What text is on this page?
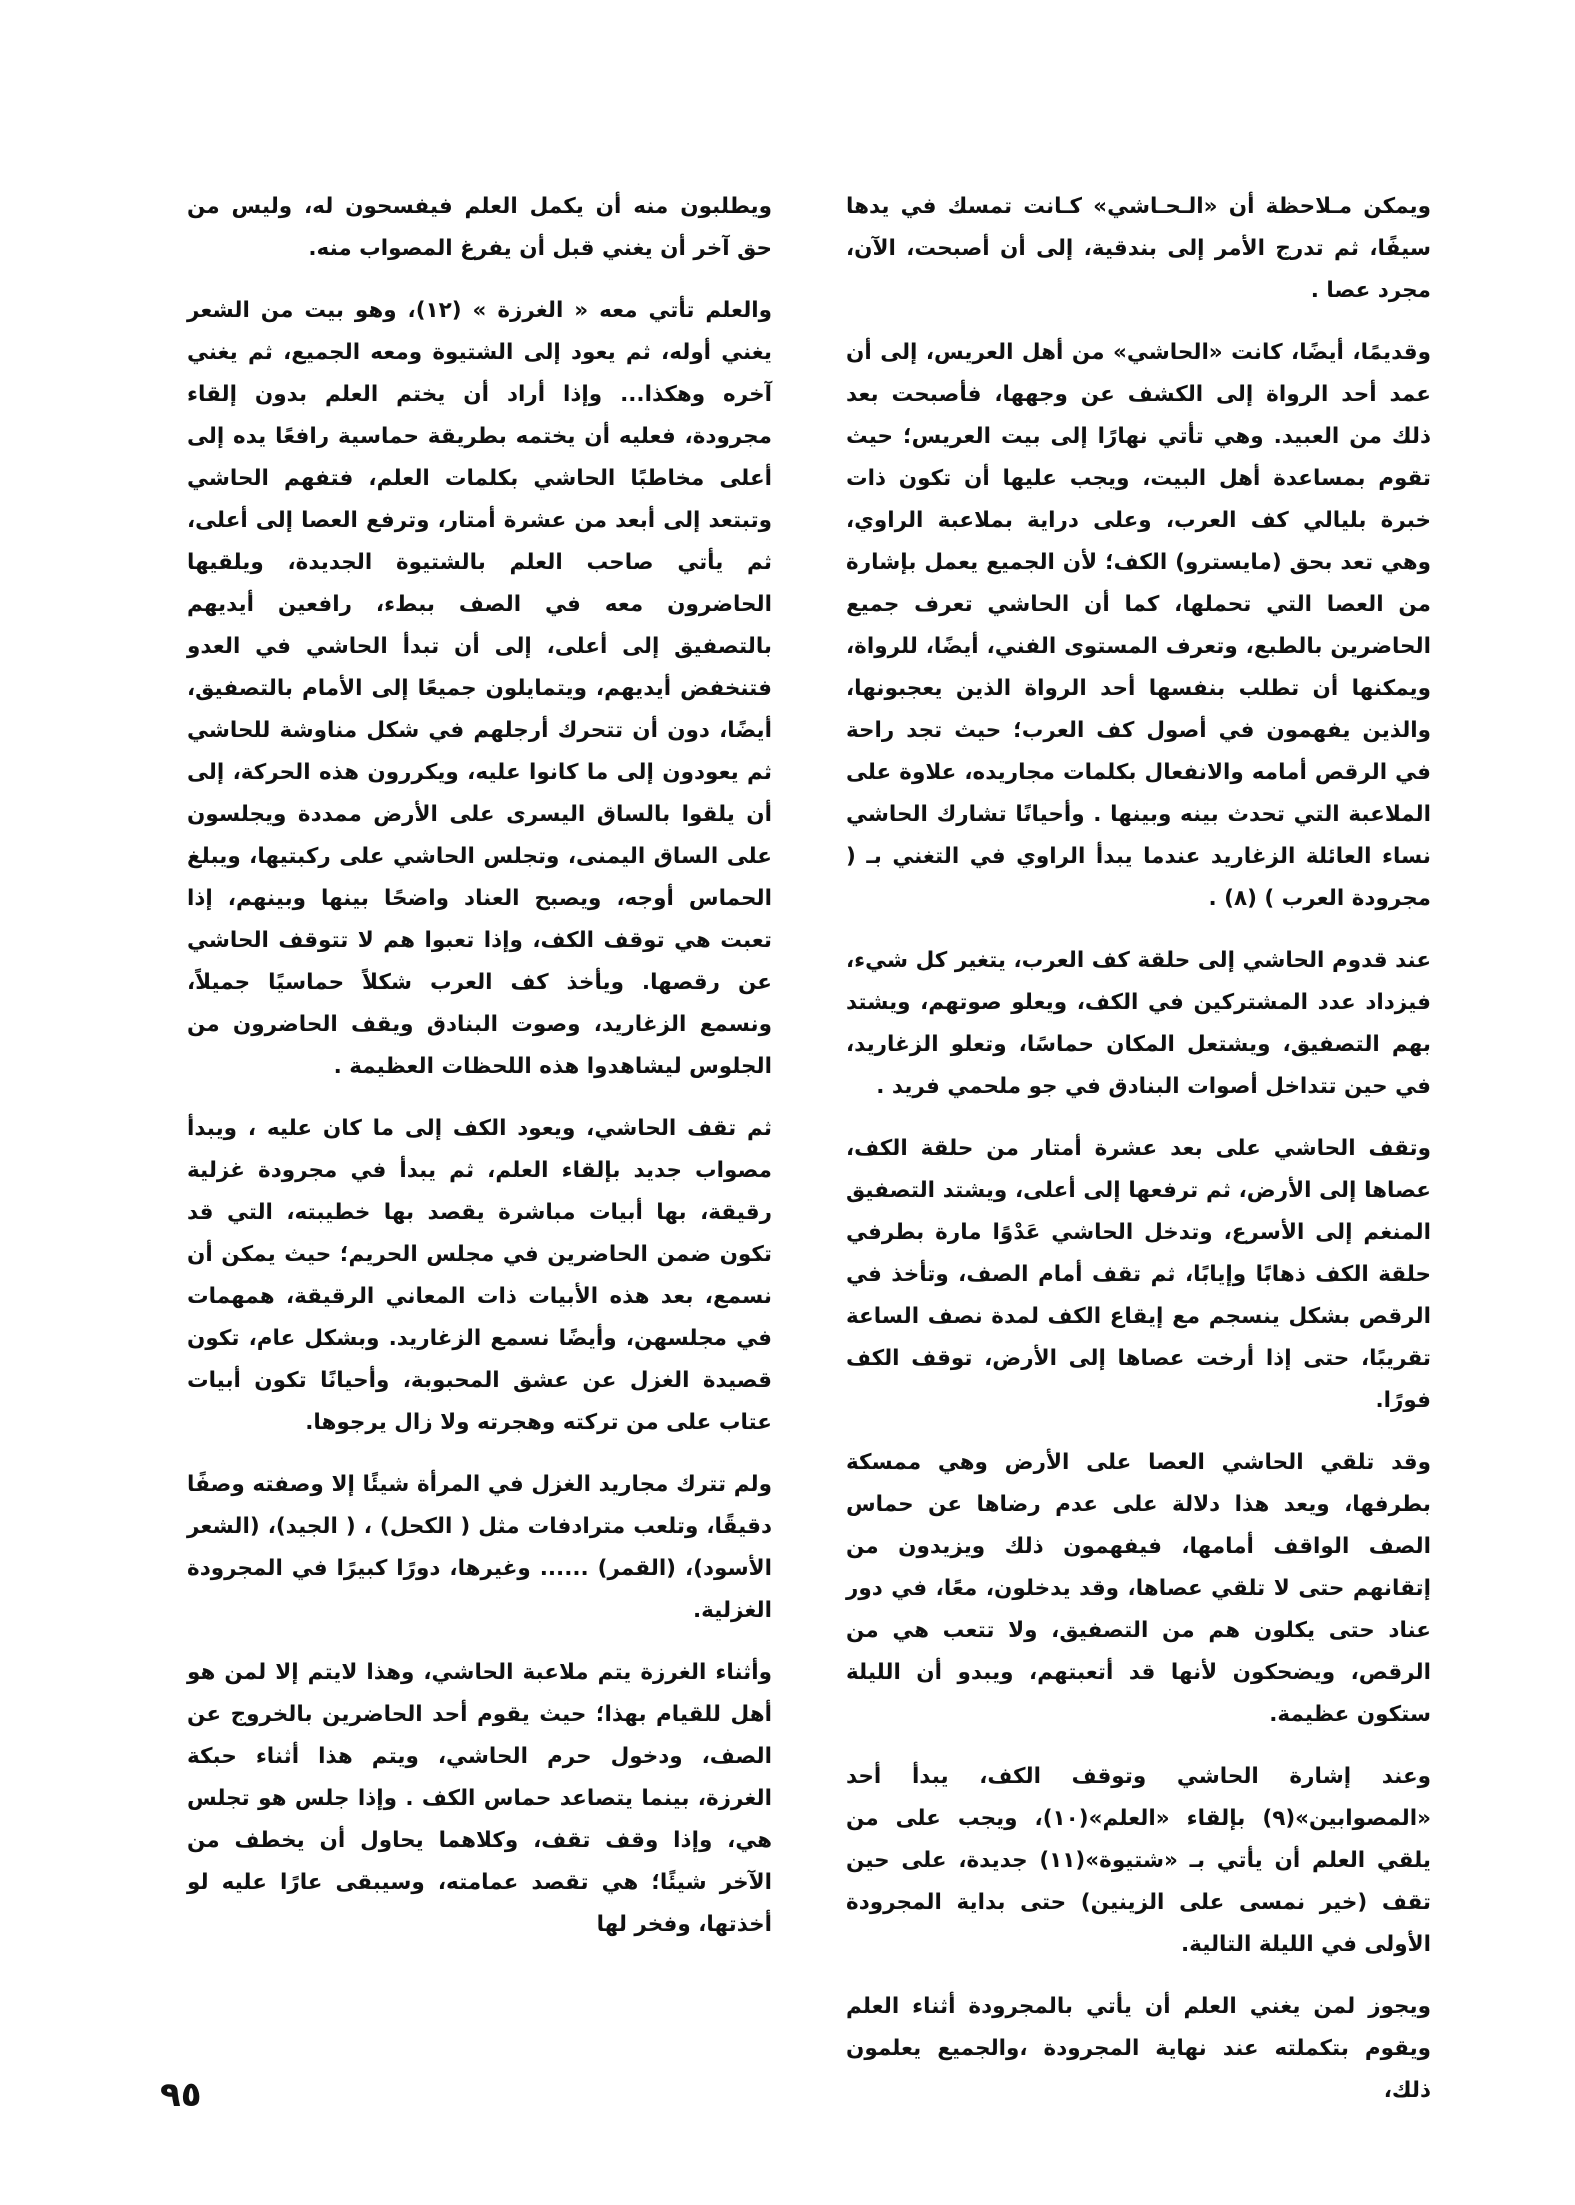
ويمكن مـلاحظة أن «الـحـاشي» كـانت تمسك في يدها سيفًا، ثم تدرج الأمر إلى بندقية، إلى أن أصبحت، الآن، مجرد عصا .

وقديمًا، أيضًا، كانت «الحاشي» من أهل العريس، إلى أن عمد أحد الرواة إلى الكشف عن وجهها، فأصبحت بعد ذلك من العبيد. وهي تأتي نهارًا إلى بيت العريس؛ حيث تقوم بمساعدة أهل البيت، ويجب عليها أن تكون ذات خبرة بليالي كف العرب، وعلى دراية بملاعبة الراوي، وهي تعد بحق (مايسترو) الكف؛ لأن الجميع يعمل بإشارة من العصا التي تحملها، كما أن الحاشي تعرف جميع الحاضرين بالطبع، وتعرف المستوى الفني، أيضًا، للرواة، ويمكنها أن تطلب بنفسها أحد الرواة الذين يعجبونها، والذين يفهمون في أصول كف العرب؛ حيث تجد راحة في الرقص أمامه والانفعال بكلمات مجاريده، علاوة على الملاعبة التي تحدث بينه وبينها . وأحيانًا تشارك الحاشي نساء العائلة الزغاريد عندما يبدأ الراوي في التغني بـ ( مجرودة العرب ) (٨) .

عند قدوم الحاشي إلى حلقة كف العرب، يتغير كل شيء، فيزداد عدد المشتركين في الكف، ويعلو صوتهم، ويشتد بهم التصفيق، ويشتعل المكان حماسًا، وتعلو الزغاريد، في حين تتداخل أصوات البنادق في جو ملحمي فريد .

وتقف الحاشي على بعد عشرة أمتار من حلقة الكف، عصاها إلى الأرض، ثم ترفعها إلى أعلى، ويشتد التصفيق المنغم إلى الأسرع، وتدخل الحاشي عَدْوًا مارة بطرفي حلقة الكف ذهابًا وإيابًا، ثم تقف أمام الصف، وتأخذ في الرقص بشكل ينسجم مع إيقاع الكف لمدة نصف الساعة تقريبًا، حتى إذا أرخت عصاها إلى الأرض، توقف الكف فورًا.

وقد تلقي الحاشي العصا على الأرض وهي ممسكة بطرفها، ويعد هذا دلالة على عدم رضاها عن حماس الصف الواقف أمامها، فيفهمون ذلك ويزيدون من إتقانهم حتى لا تلقي عصاها، وقد يدخلون، معًا، في دور عناد حتى يكلون هم من التصفيق، ولا تتعب هي من الرقص، ويضحكون لأنها قد أتعبتهم، ويبدو أن الليلة ستكون عظيمة.

وعند إشارة الحاشي وتوقف الكف، يبدأ أحد «المصوابين»(٩) بإلقاء «العلم»(١٠)، ويجب على من يلقي العلم أن يأتي بـ «شتيوة»(١١) جديدة، على حين تقف (خير نمسى على الزينين) حتى بداية المجرودة الأولى في الليلة التالية.

ويجوز لمن يغني العلم أن يأتي بالمجرودة أثناء العلم ويقوم بتكملته عند نهاية المجرودة ،والجميع يعلمون ذلك،

ويطلبون منه أن يكمل العلم فيفسحون له، وليس من حق آخر أن يغني قبل أن يفرغ المصواب منه.

والعلم تأتي معه « الغرزة » (١٢)، وهو بيت من الشعر يغني أوله، ثم يعود إلى الشتيوة ومعه الجميع، ثم يغني آخره وهكذا... وإذا أراد أن يختم العلم بدون إلقاء مجرودة، فعليه أن يختمه بطريقة حماسية رافعًا يده إلى أعلى مخاطبًا الحاشي بكلمات العلم، فتفهم الحاشي وتبتعد إلى أبعد من عشرة أمتار، وترفع العصا إلى أعلى، ثم يأتي صاحب العلم بالشتيوة الجديدة، ويلقيها الحاضرون معه في الصف ببطء، رافعين أيديهم بالتصفيق إلى أعلى، إلى أن تبدأ الحاشي في العدو فتنخفض أيديهم، ويتمايلون جميعًا إلى الأمام بالتصفيق، أيضًا، دون أن تتحرك أرجلهم في شكل مناوشة للحاشي ثم يعودون إلى ما كانوا عليه، ويكررون هذه الحركة، إلى أن يلقوا بالساق اليسرى على الأرض ممددة ويجلسون على الساق اليمنى، وتجلس الحاشي على ركبتيها، ويبلغ الحماس أوجه، ويصبح العناد واضحًا بينها وبينهم، إذا تعبت هي توقف الكف، وإذا تعبوا هم لا تتوقف الحاشي عن رقصها. ويأخذ كف العرب شكلاً حماسيًا جميلاً، ونسمع الزغاريد، وصوت البنادق ويقف الحاضرون من الجلوس ليشاهدوا هذه اللحظات العظيمة .

ثم تقف الحاشي، ويعود الكف إلى ما كان عليه ، ويبدأ مصواب جديد بإلقاء العلم، ثم يبدأ في مجرودة غزلية رقيقة، بها أبيات مباشرة يقصد بها خطيبته، التي قد تكون ضمن الحاضرين في مجلس الحريم؛ حيث يمكن أن نسمع، بعد هذه الأبيات ذات المعاني الرقيقة، همهمات في مجلسهن، وأيضًا نسمع الزغاريد. وبشكل عام، تكون قصيدة الغزل عن عشق المحبوبة، وأحيانًا تكون أبيات عتاب على من تركته وهجرته ولا زال يرجوها.

ولم تترك مجاريد الغزل في المرأة شيئًا إلا وصفته وصفًا دقيقًا، وتلعب مترادفات مثل ( الكحل) ، ( الجيد)، (الشعر الأسود)، (القمر) ...... وغيرها، دورًا كبيرًا في المجرودة الغزلية.

وأثناء الغرزة يتم ملاعبة الحاشي، وهذا لايتم إلا لمن هو أهل للقيام بهذا؛ حيث يقوم أحد الحاضرين بالخروج عن الصف، ودخول حرم الحاشي، ويتم هذا أثناء حبكة الغرزة، بينما يتصاعد حماس الكف . وإذا جلس هو تجلس هي، وإذا وقف تقف، وكلاهما يحاول أن يخطف من الآخر شيئًا؛ هي تقصد عمامته، وسيبقى عارًا عليه لو أخذتها، وفخر لها

٩٥
